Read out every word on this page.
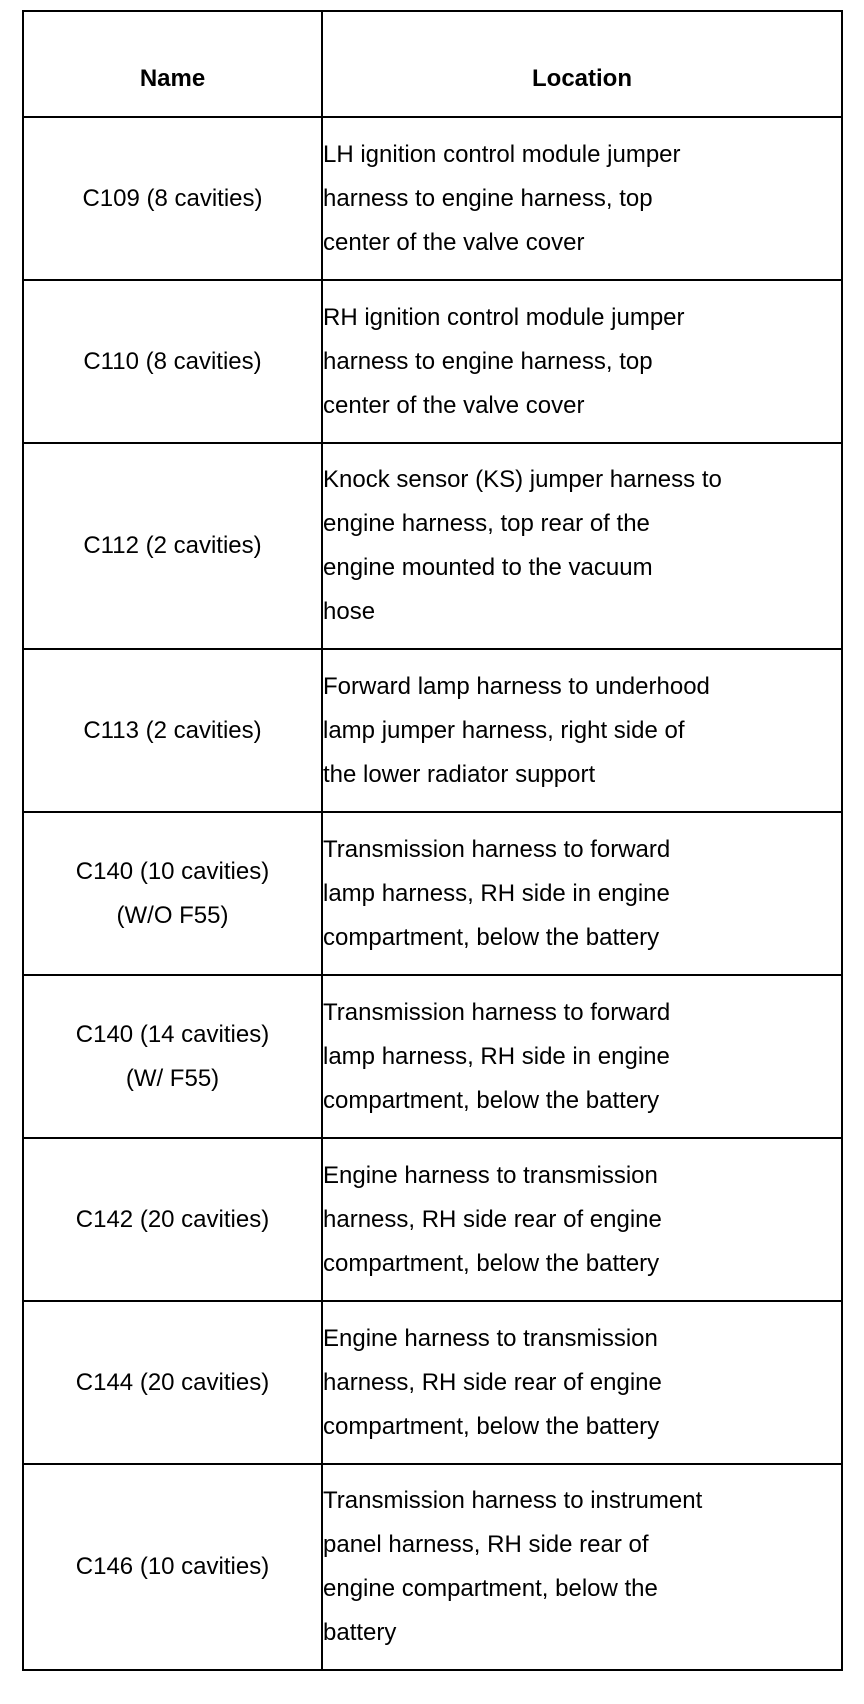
Name	Location

C109 (8 cavities)	LH ignition control module jumper
harness to engine harness, top
center of the valve cover

C110 (8 cavities)	RH ignition control module jumper
harness to engine harness, top
center of the valve cover

C112 (2 cavities)	Knock sensor (KS) jumper harness to
engine harness, top rear of the
engine mounted to the vacuum
hose

C113 (2 cavities)	Forward lamp harness to underhood
lamp jumper harness, right side of
the lower radiator support

C140 (10 cavities)
(W/O F55)	Transmission harness to forward
lamp harness, RH side in engine
compartment, below the battery

C140 (14 cavities)
(W/ F55)	Transmission harness to forward
lamp harness, RH side in engine
compartment, below the battery

C142 (20 cavities)	Engine harness to transmission
harness, RH side rear of engine
compartment, below the battery

C144 (20 cavities)	Engine harness to transmission
harness, RH side rear of engine
compartment, below the battery

C146 (10 cavities)	Transmission harness to instrument
panel harness, RH side rear of
engine compartment, below the
battery
